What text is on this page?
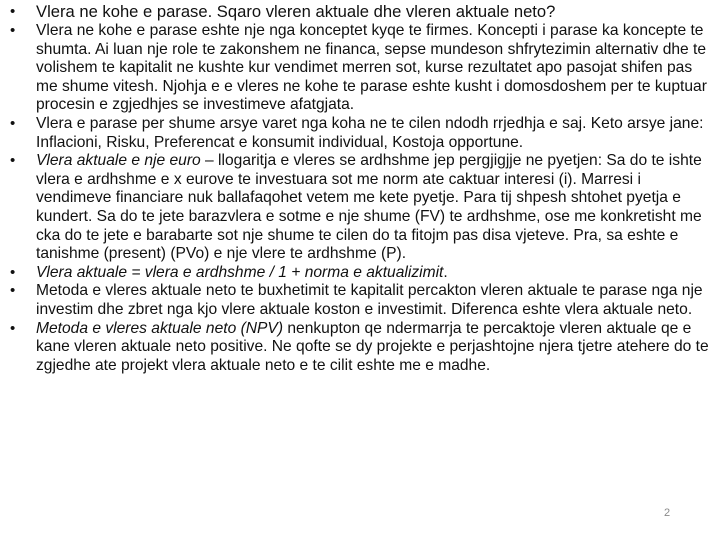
• Vlera ne kohe e parase. Sqaro vleren aktuale dhe vleren aktuale neto?
• Vlera ne kohe e parase eshte nje nga konceptet kyqe te firmes. Koncepti i parase ka koncepte te shumta. Ai luan nje role te zakonshem ne financa, sepse mundeson shfrytezimin alternativ dhe te volishem te kapitalit ne kushte kur vendimet merren sot, kurse rezultatet apo pasojat shifen pas me shume vitesh. Njohja e e vleres ne kohe te parase eshte kusht i domosdoshem per te kuptuar procesin e zgjedhjes se investimeve afatgjata.
• Vlera e parase per shume arsye varet nga koha ne te cilen ndodh rrjedhja e saj. Keto arsye jane: Inflacioni, Risku, Preferencat e konsumit individual, Kostoja opportune.
• Vlera aktuale e nje euro – llogaritja e vleres se ardhshme jep pergjigjje ne pyetjen: Sa do te ishte vlera e ardhshme e x eurove te investuara sot me norm ate caktuar interesi (i). Marresi i vendimeve financiare nuk ballafaqohet vetem me kete pyetje. Para tij shpesh shtohet pyetja e kundert. Sa do te jete barazvlera e sotme e nje shume (FV) te ardhshme, ose me konkretisht me cka do te jete e barabarte sot nje shume te cilen do ta fitojm pas disa vjeteve. Pra, sa eshte e tanishme (present) (PVo) e nje vlere te ardhshme (P).
• Vlera aktuale = vlera e ardhshme / 1 + norma e aktualizimit.
• Metoda e vleres aktuale neto te buxhetimit te kapitalit percakton vleren aktuale te parase nga nje investim dhe zbret nga kjo vlere aktuale koston e investimit. Diferenca eshte vlera aktuale neto.
• Metoda e vleres aktuale neto (NPV) nenkupton qe ndermarrja te percaktoje vleren aktuale qe e kane vleren aktuale neto positive. Ne qofte se dy projekte e perjashtojne njera tjetre atehere do te zgjedhe ate projekt vlera aktuale neto e te cilit eshte me e madhe.
2
